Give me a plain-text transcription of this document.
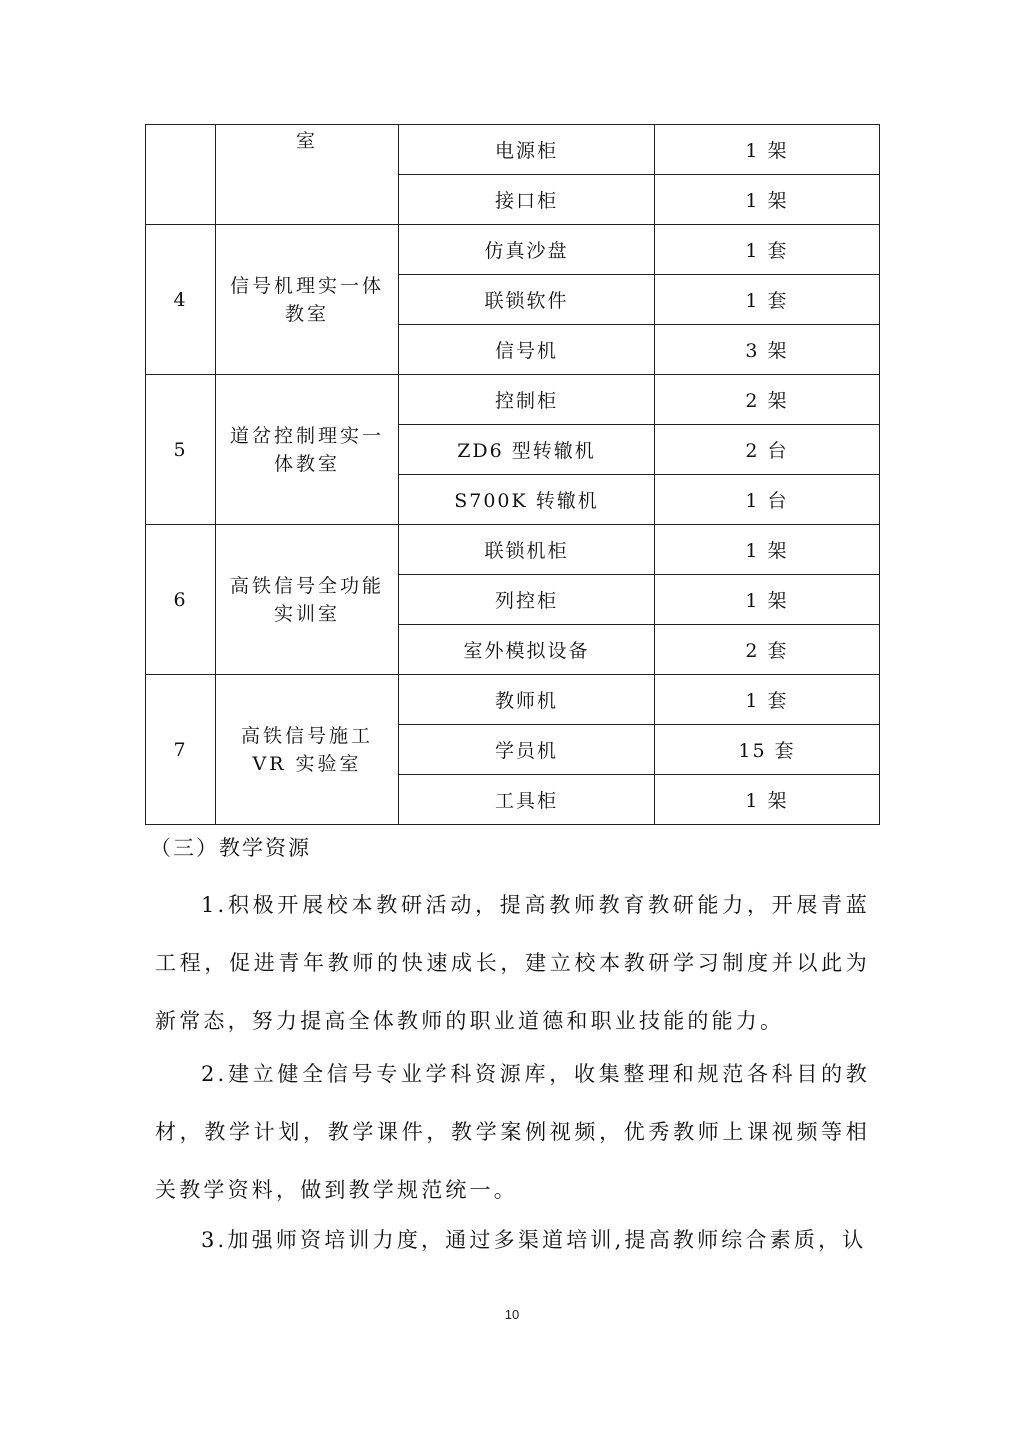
	室	电源柜	1 架
		接口柜	1 架
4	信号机理实一体教室	仿真沙盘	1 套
		联锁软件	1 套
		信号机	3 架
5	道岔控制理实一体教室	控制柜	2 架
		ZD6 型转辙机	2 台
		S700K 转辙机	1 台
6	高铁信号全功能实训室	联锁机柜	1 架
		列控柜	1 架
		室外模拟设备	2 套
7	高铁信号施工 VR 实验室	教师机	1 套
		学员机	15 套
		工具柜	1 架
（三）教学资源

1.积极开展校本教研活动，提高教师教育教研能力，开展青蓝工程，促进青年教师的快速成长，建立校本教研学习制度并以此为新常态，努力提高全体教师的职业道德和职业技能的能力。

2.建立健全信号专业学科资源库，收集整理和规范各科目的教材，教学计划，教学课件，教学案例视频，优秀教师上课视频等相关教学资料，做到教学规范统一。

3.加强师资培训力度，通过多渠道培训,提高教师综合素质，认

10
